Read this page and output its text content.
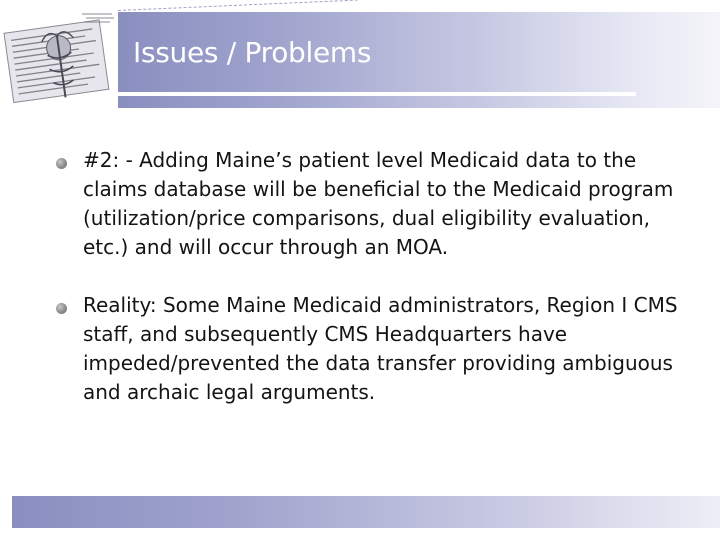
Issues / Problems
#2: - Adding Maine’s patient level Medicaid data to the claims database will be beneficial to the Medicaid program (utilization/price comparisons, dual eligibility evaluation, etc.) and will occur through an MOA.
Reality: Some Maine Medicaid administrators, Region I CMS staff, and subsequently CMS Headquarters have impeded/prevented the data transfer providing ambiguous and archaic legal arguments.
